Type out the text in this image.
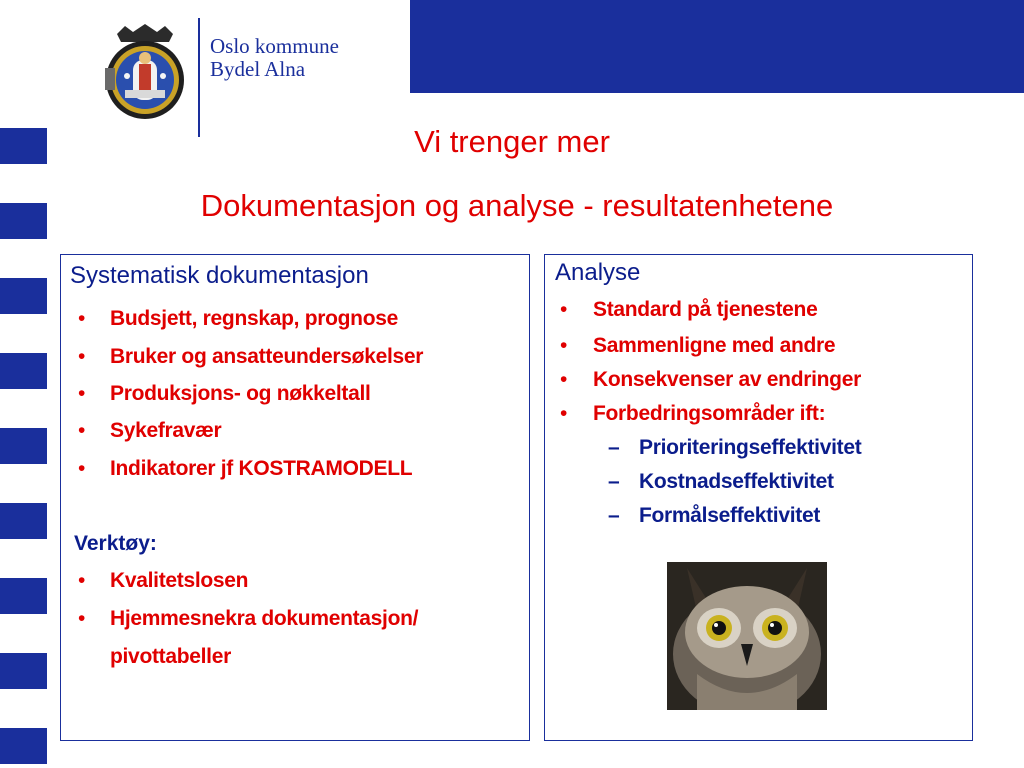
Oslo kommune
Bydel Alna
Vi trenger mer
Dokumentasjon og analyse - resultatenhetene
Systematisk dokumentasjon
• Budsjett, regnskap, prognose
• Bruker og ansatteundersøkelser
• Produksjons- og nøkkeltall
• Sykefravær
• Indikatorer jf KOSTRAMODELL
Verktøy:
• Kvalitetslosen
• Hjemmesnekra dokumentasjon/
pivottabeller
Analyse
• Standard på tjenestene
• Sammenligne med andre
• Konsekvenser av endringer
• Forbedringsområder ift:
– Prioriteringseffektivitet
– Kostnadseffektivitet
– Formålseffektivitet
